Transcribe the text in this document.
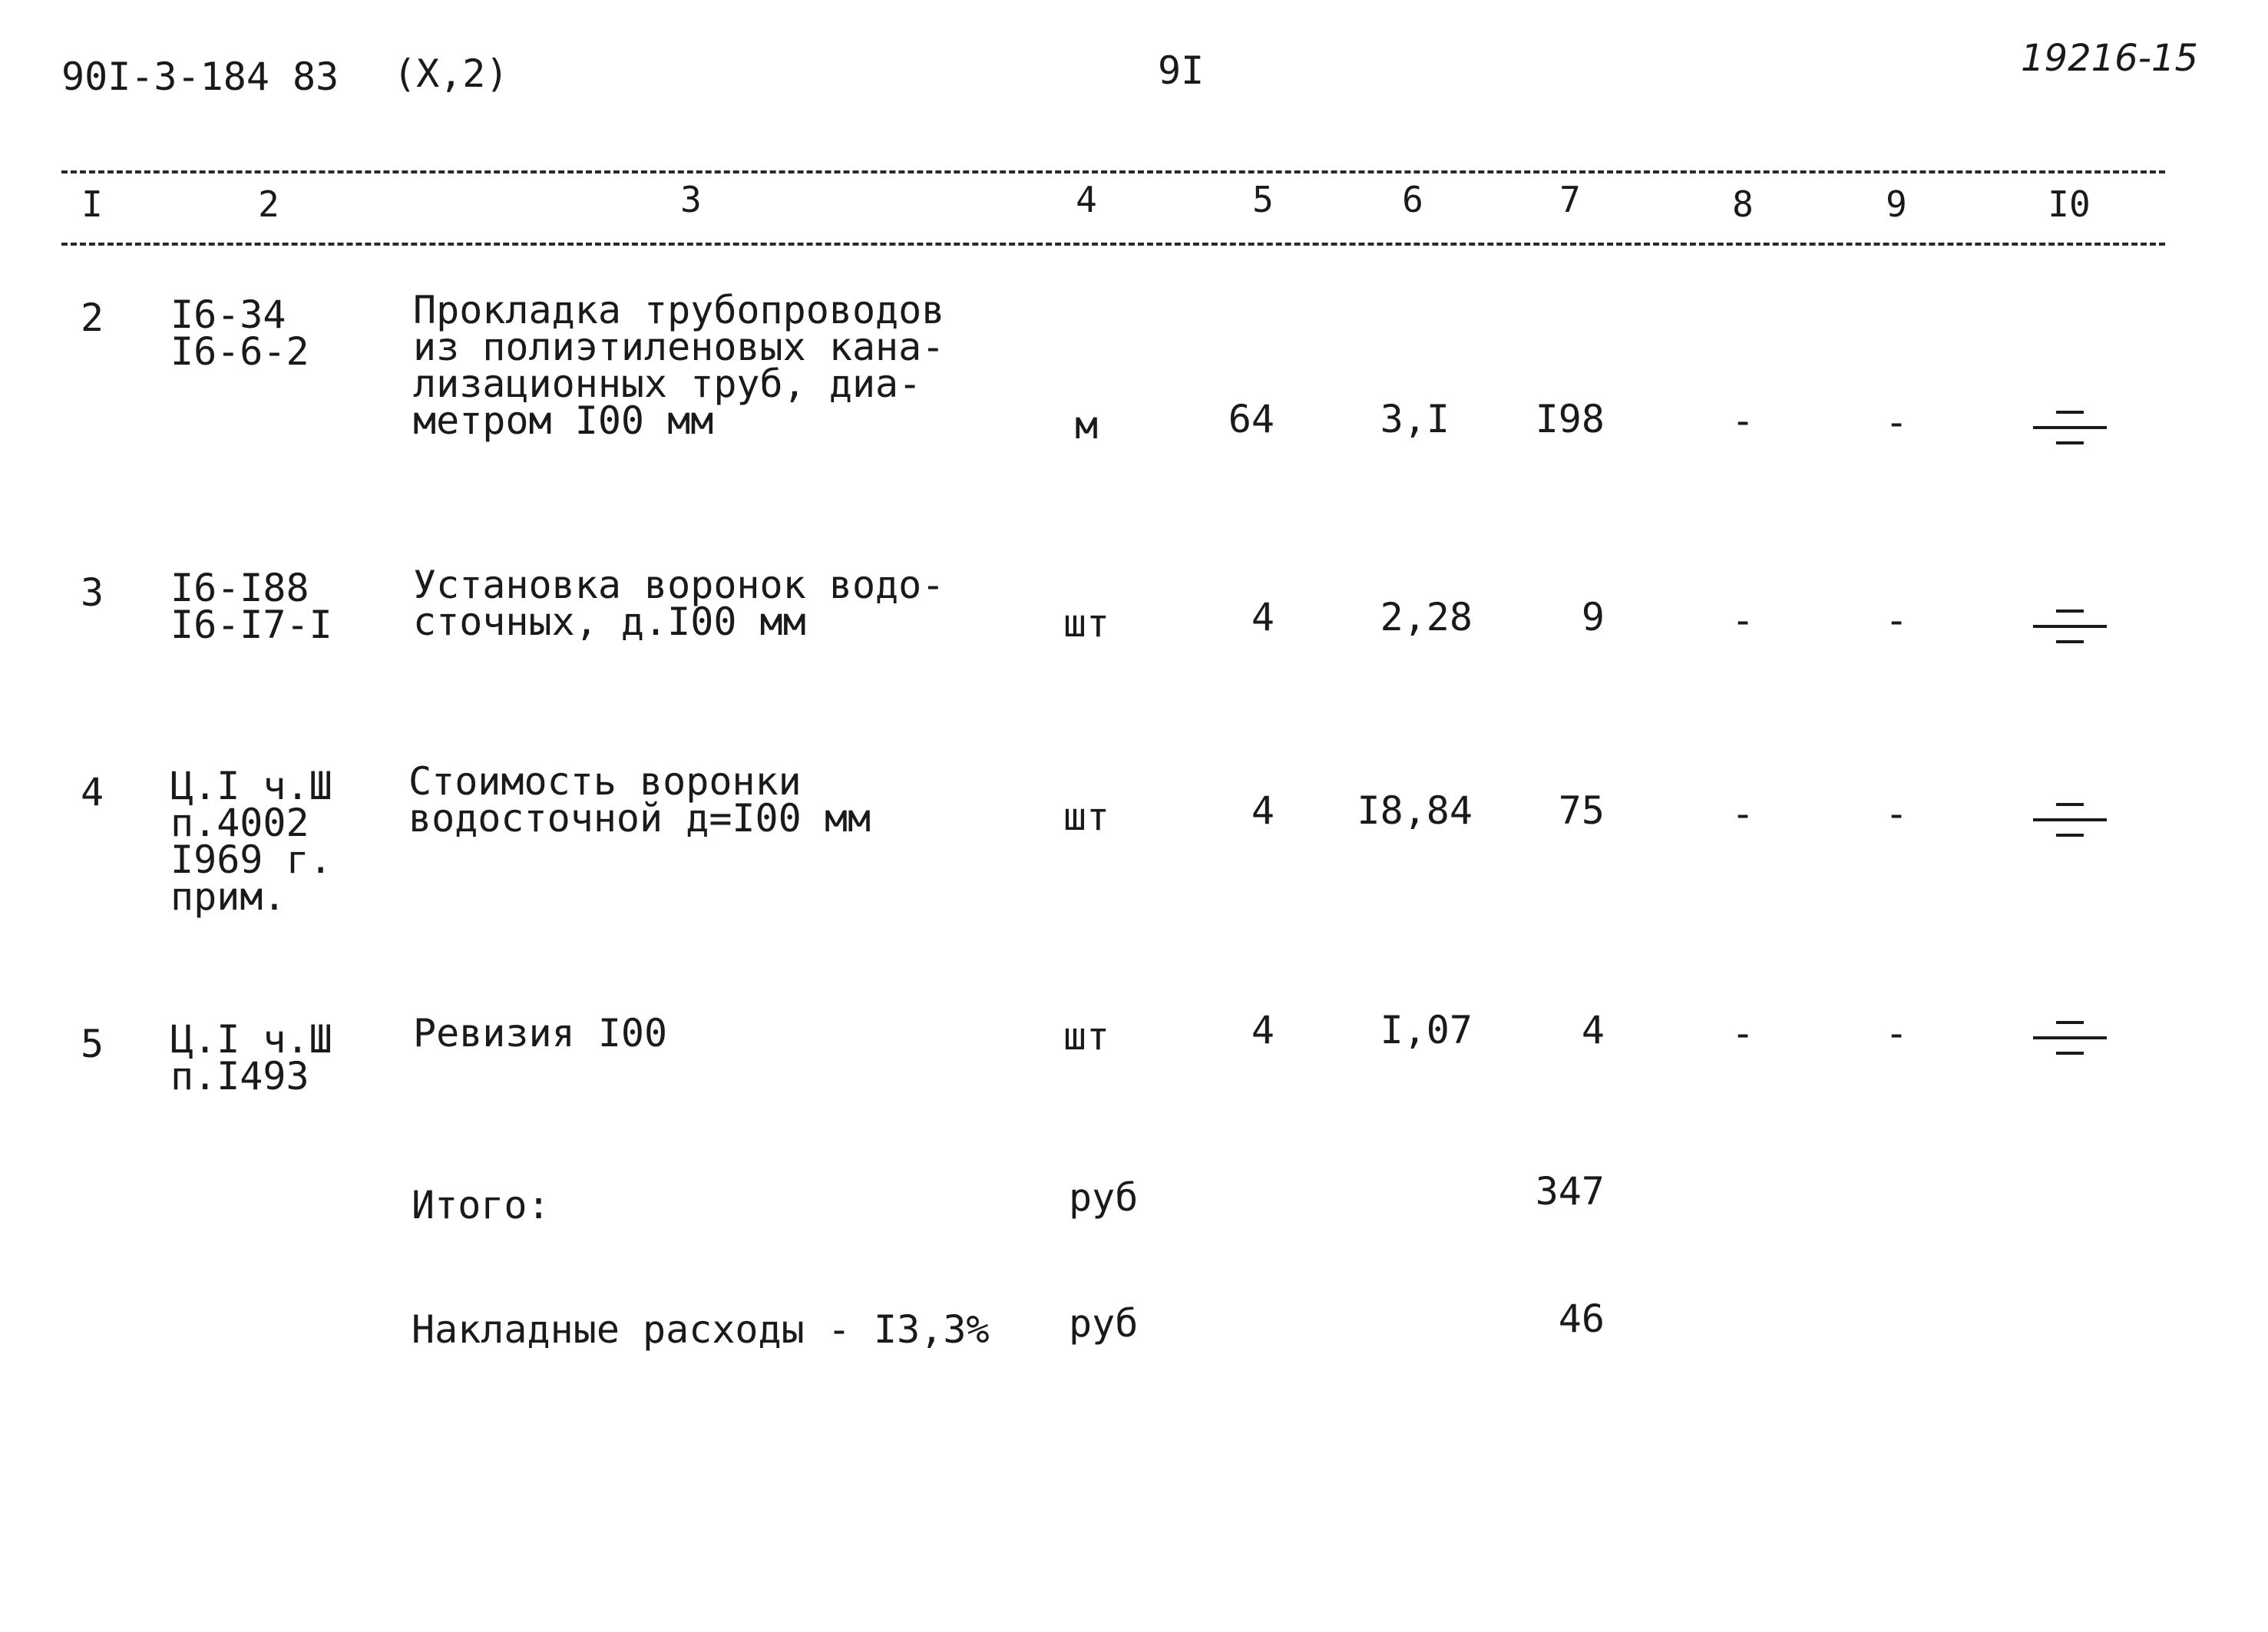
90I-3-184 83 (X,2)	9I	19216-15
I	2	3	4	5	6	7	8	9	I0
2	I6-34
I6-6-2
Прокладка трубопроводов
из полиэтиленовых кана-
лизационных труб, диа-
метром I00 мм	м	64	3,I	I98	-	-
3	I6-I88
I6-I7-I
Установка воронок водо-
сточных, д.I00 мм	шт	4	2,28	9	-	-
4	Ц.I ч.Ш
п.4002
I969 г.
прим.
Стоимость воронки
водосточной д=I00 мм	шт	4	I8,84	75	-	-
5	Ц.I ч.Ш
п.I493
Ревизия I00	шт	4	I,07	4	-	-
Итого:	руб	347
Накладные расходы - I3,3% руб	46
